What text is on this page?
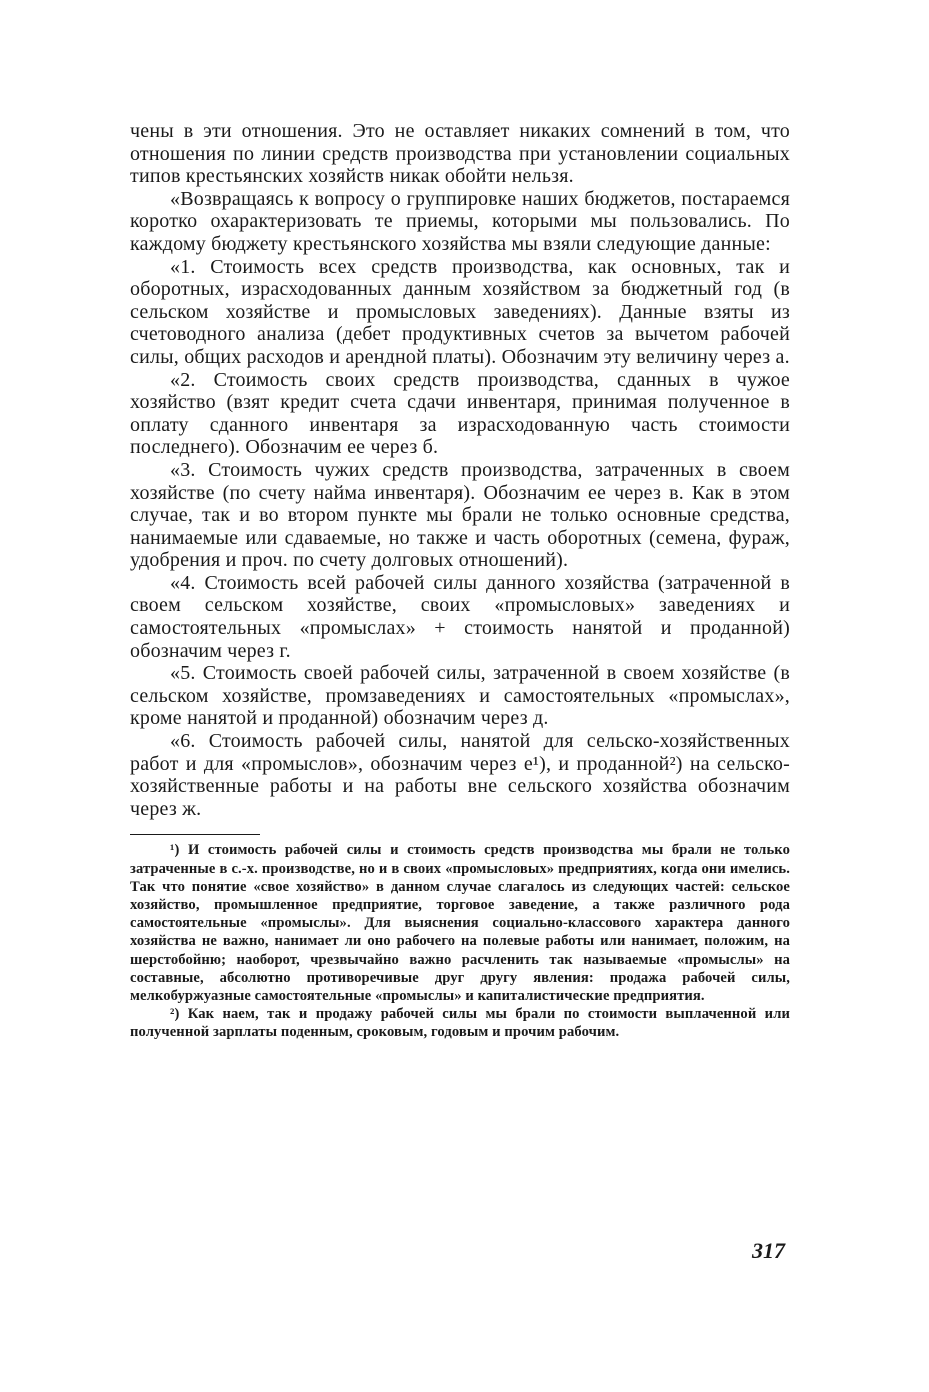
чены в эти отношения. Это не оставляет никаких сомнений в том, что отношения по линии средств производства при установлении социальных типов крестьянских хозяйств никак обойти нельзя.

«Возвращаясь к вопросу о группировке наших бюджетов, постараемся коротко охарактеризовать те приемы, которыми мы пользовались. По каждому бюджету крестьянского хозяйства мы взяли следующие данные:

«1. Стоимость всех средств производства, как основных, так и оборотных, израсходованных данным хозяйством за бюджетный год (в сельском хозяйстве и промысловых заведениях). Данные взяты из счетоводного анализа (дебет продуктивных счетов за вычетом рабочей силы, общих расходов и арендной платы). Обозначим эту величину через а.

«2. Стоимость своих средств производства, сданных в чужое хозяйство (взят кредит счета сдачи инвентаря, принимая полученное в оплату сданного инвентаря за израсходованную часть стоимости последнего). Обозначим ее через б.

«3. Стоимость чужих средств производства, затраченных в своем хозяйстве (по счету найма инвентаря). Обозначим ее через в. Как в этом случае, так и во втором пункте мы брали не только основные средства, нанимаемые или сдаваемые, но также и часть оборотных (семена, фураж, удобрения и проч. по счету долговых отношений).

«4. Стоимость всей рабочей силы данного хозяйства (затраченной в своем сельском хозяйстве, своих «промысловых» заведениях и самостоятельных «промыслах» + стоимость нанятой и проданной) обозначим через г.

«5. Стоимость своей рабочей силы, затраченной в своем хозяйстве (в сельском хозяйстве, промзаведениях и самостоятельных «промыслах», кроме нанятой и проданной) обозначим через д.

«6. Стоимость рабочей силы, нанятой для сельско-хозяйственных работ и для «промыслов», обозначим через е¹), и проданной²) на сельско-хозяйственные работы и на работы вне сельского хозяйства обозначим через ж.

¹) И стоимость рабочей силы и стоимость средств производства мы брали не только затраченные в с.-х. производстве, но и в своих «промысловых» предприятиях, когда они имелись. Так что понятие «свое хозяйство» в данном случае слагалось из следующих частей: сельское хозяйство, промышленное предприятие, торговое заведение, а также различного рода самостоятельные «промыслы». Для выяснения социально-классового характера данного хозяйства не важно, нанимает ли оно рабочего на полевые работы или нанимает, положим, на шерстобойню; наоборот, чрезвычайно важно расчленить так называемые «промыслы» на составные, абсолютно противоречивые друг другу явления: продажа рабочей силы, мелкобуржуазные самостоятельные «промыслы» и капиталистические предприятия.

²) Как наем, так и продажу рабочей силы мы брали по стоимости выплаченной или полученной зарплаты поденным, сроковым, годовым и прочим рабочим.

317
